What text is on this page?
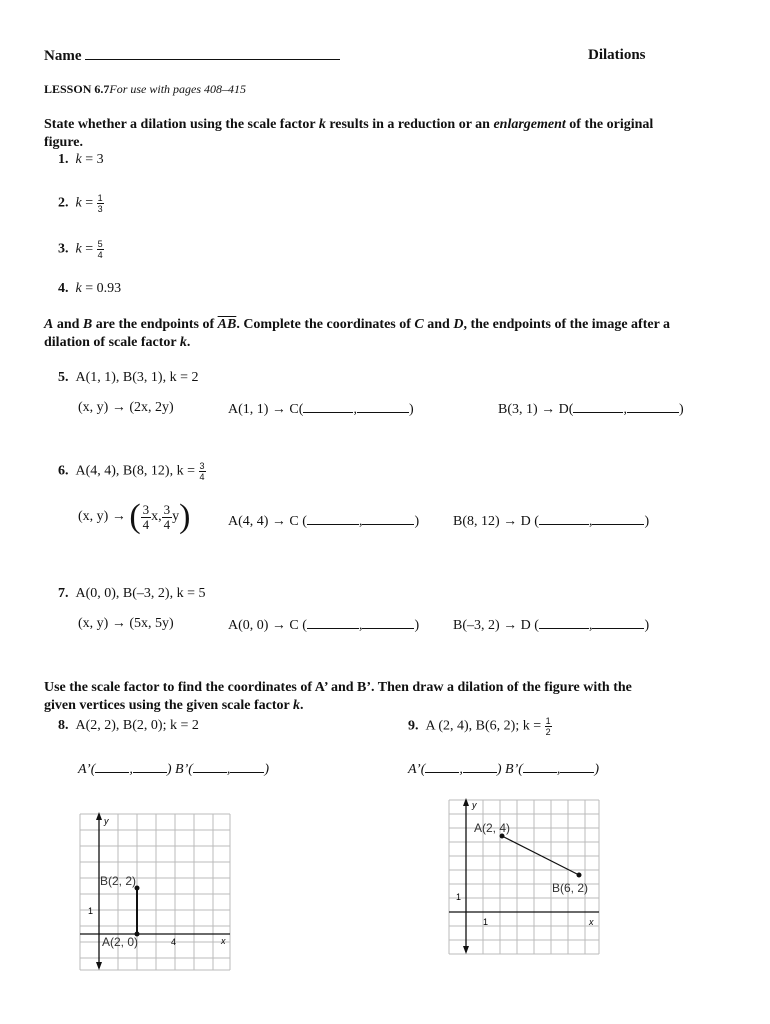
Name	Dilations
LESSON 6.7For use with pages 408–415
State whether a dilation using the scale factor k results in a reduction or an enlargement of the original
figure.
1. k = 3
2. $k = \frac{1}{3}$
3. $k = \frac{5}{4}$
4. k = 0.93
A and B are the endpoints of $\overline{AB}$. Complete the coordinates of C and D, the endpoints of the image after a
dilation of scale factor k.
5. A(1, 1), B(3, 1), k = 2
(x, y) → (2x, 2y)	A(1, 1) → C(	,	)	B(3, 1) → D(	,	)
6. A(4, 4), B(8, 12), $k = \frac{3}{4}$
(x, y) → ( $\frac{3}{4} x$, $\frac{3}{4} y$)	A(4, 4) → C (	,	) B(8, 12) → D (	,	)
7. A(0, 0), B(–3, 2), k = 5
(x, y) → (5x, 5y)	A(0, 0) → C (	,	) B(–3, 2) → D (	,	)
Use the scale factor to find the coordinates of A’ and B’. Then draw a dilation of the figure with the
given vertices using the given scale factor k.
8. A(2, 2), B(2, 0); k = 2
A’( , ) B’( , )
9. A (2, 4), B(6, 2); $k = \frac{1}{2}$
A’( , ) B’( , )
y
x
1
4
B(2, 2)
A(2, 0)
y
x
1
1
A(2, 4)
B(6, 2)
